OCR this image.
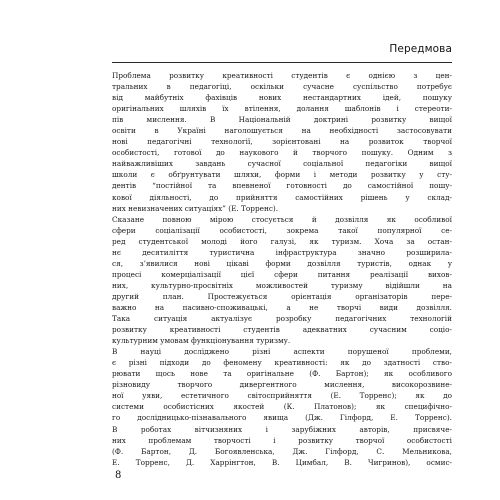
Передмова
Проблема розвитку креативності студентів є однією з цен-
тральних в педагогіці, оскільки сучасне суспільство потребує
від майбутніх фахівців нових нестандартних ідей, пошуку
оригінальних шляхів їх втілення, долання шаблонів і стереоти-
пів мислення. В Національній доктрині розвитку вищої
освіти в Україні наголошується на необхідності застосовувати
нові педагогічні технології, зорієнтовані на розвиток творчої
особистості, готової до наукового й творчого пошуку. Одним з
найважливіших завдань сучасної соціальної педагогіки вищої
школи є обґрунтувати шляхи, форми і методи розвитку у сту-
дентів “постійної та впевненої готовності до самостійної пошу-
кової діяльності, до прийняття самостійних рішень у склад-
них невизначених ситуаціях” (Е. Торренс).
Сказане повною мірою стосується й дозвілля як особливої
сфери соціалізації особистості, зокрема такої популярної се-
ред студентської молоді його галузі, як туризм. Хоча за остан-
нє десятиліття туристична інфраструктура значно розширила-
ся, з’явилися нові цікаві форми дозвілля туристів, однак у
процесі комерціалізації цієї сфери питання реалізації вихов-
них, культурно-просвітніх можливостей туризму відійшли на
другий план. Простежується орієнтація організаторів пере-
важно на пасивно-споживацькі, а не творчі види дозвілля.
Така ситуація актуалізує розробку педагогічних технологій
розвитку креативності студентів адекватних сучасним соціо-
культурним умовам функціонування туризму.
В науці досліджено різні аспекти порушеної проблеми,
є різні підходи до феномену креативності: як до здатності ство-
рювати щось нове та оригінальне (Ф. Бартон); як особливого
різновиду творчого дивергентного мислення, високорозвине-
ної уяви, естетичного світосприйняття (Е. Торренс); як до
системи особистісних якостей (К. Платонов); як специфічно-
го дослідницько-пізнавального явища (Дж. Гілфорд, Е. Торренс).
В роботах вітчизняних і зарубіжних авторів, присвяче-
них проблемам творчості і розвитку творчої особистості
(Ф. Бартон, Д. Богоявленська, Дж. Гілфорд, С. Мельникова,
Е. Торренс, Д. Харрінгтон, В. Цимбал, В. Чигринов), осмис-
8
